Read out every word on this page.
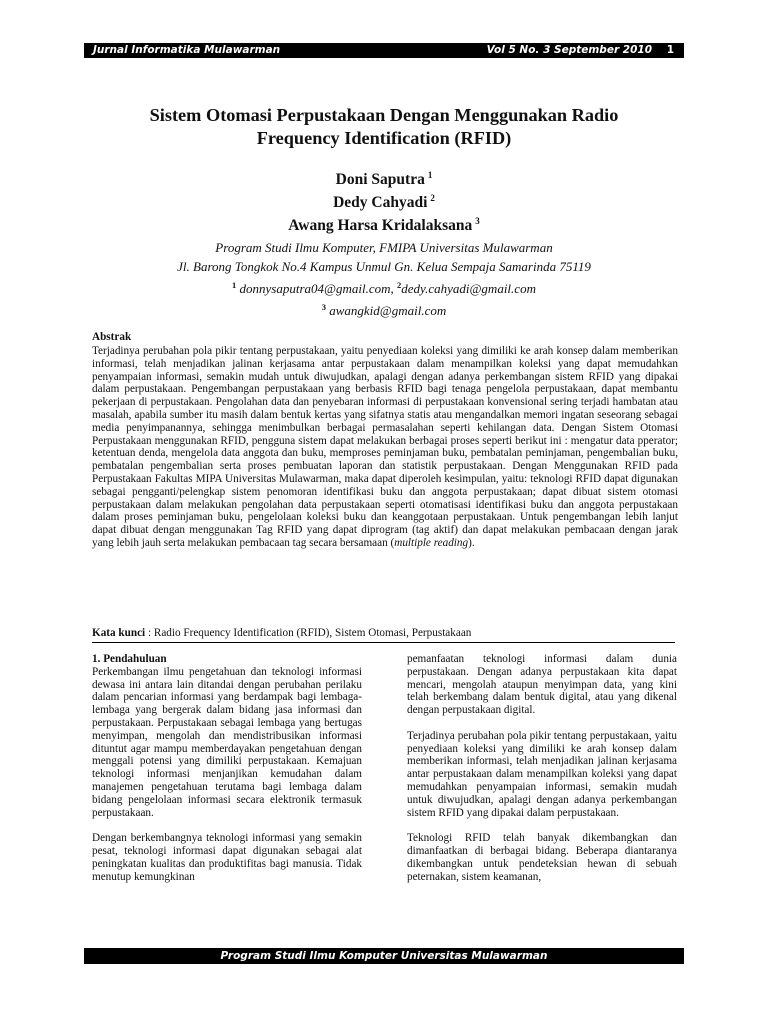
Jurnal Informatika Mulawarman	Vol 5 No. 3 September 2010 1
Sistem Otomasi Perpustakaan Dengan Menggunakan Radio
Frequency Identification (RFID)
Doni Saputra $^1$
Dedy Cahyadi $^2$
Awang Harsa Kridalaksana $^3$
Program Studi Ilmu Komputer, FMIPA Universitas Mulawarman
Jl. Barong Tongkok No.4 Kampus Unmul Gn. Kelua Sempaja Samarinda 75119
$^1$ donnysaputra04@gmail.com, $^2$dedy.cahyadi@gmail.com
$^3$ awangkid@gmail.com
Abstrak

Terjadinya perubahan pola pikir tentang perpustakaan, yaitu penyediaan koleksi yang dimiliki ke arah konsep dalam memberikan informasi, telah menjadikan jalinan kerjasama antar perpustakaan dalam menampilkan koleksi yang dapat memudahkan penyampaian informasi, semakin mudah untuk diwujudkan, apalagi dengan adanya perkembangan sistem RFID yang dipakai dalam perpustakaan. Pengembangan perpustakaan yang berbasis RFID bagi tenaga pengelola perpustakaan, dapat membantu pekerjaan di perpustakaan. Pengolahan data dan penyebaran informasi di perpustakaan konvensional sering terjadi hambatan atau masalah, apabila sumber itu masih dalam bentuk kertas yang sifatnya statis atau mengandalkan memori ingatan seseorang sebagai media penyimpanannya, sehingga menimbulkan berbagai permasalahan seperti kehilangan data. Dengan Sistem Otomasi Perpustakaan menggunakan RFID, pengguna sistem dapat melakukan berbagai proses seperti berikut ini : mengatur data pperator; ketentuan denda, mengelola data anggota dan buku, memproses peminjaman buku, pembatalan peminjaman, pengembalian buku, pembatalan pengembalian serta proses pembuatan laporan dan statistik perpustakaan. Dengan Menggunakan RFID pada Perpustakaan Fakultas MIPA Universitas Mulawarman, maka dapat diperoleh kesimpulan, yaitu: teknologi RFID dapat digunakan sebagai pengganti/pelengkap sistem penomoran identifikasi buku dan anggota perpustakaan; dapat dibuat sistem otomasi perpustakaan dalam melakukan pengolahan data perpustakaan seperti otomatisasi identifikasi buku dan anggota perpustakaan dalam proses peminjaman buku, pengelolaan koleksi buku dan keanggotaan perpustakaan. Untuk pengembangan lebih lanjut dapat dibuat dengan menggunakan Tag RFID yang dapat diprogram (tag aktif) dan dapat melakukan pembacaan dengan jarak yang lebih jauh serta melakukan pembacaan tag secara bersamaan (multiple reading).

Kata kunci : Radio Frequency Identification (RFID), Sistem Otomasi, Perpustakaan
1. Pendahuluan

Perkembangan ilmu pengetahuan dan teknologi informasi dewasa ini antara lain ditandai dengan perubahan perilaku dalam pencarian informasi yang berdampak bagi lembaga-lembaga yang bergerak dalam bidang jasa informasi dan perpustakaan. Perpustakaan sebagai lembaga yang bertugas menyimpan, mengolah dan mendistribusikan informasi dituntut agar mampu memberdayakan pengetahuan dengan menggali potensi yang dimiliki perpustakaan. Kemajuan teknologi informasi menjanjikan kemudahan dalam manajemen pengetahuan terutama bagi lembaga dalam bidang pengelolaan informasi secara elektronik termasuk perpustakaan.

Dengan berkembangnya teknologi informasi yang semakin pesat, teknologi informasi dapat digunakan sebagai alat peningkatan kualitas dan produktifitas bagi manusia. Tidak menutup kemungkinan

pemanfaatan teknologi informasi dalam dunia perpustakaan. Dengan adanya perpustakaan kita dapat mencari, mengolah ataupun menyimpan data, yang kini telah berkembang dalam bentuk digital, atau yang dikenal dengan perpustakaan digital.

Terjadinya perubahan pola pikir tentang perpustakaan, yaitu penyediaan koleksi yang dimiliki ke arah konsep dalam memberikan informasi, telah menjadikan jalinan kerjasama antar perpustakaan dalam menampilkan koleksi yang dapat memudahkan penyampaian informasi, semakin mudah untuk diwujudkan, apalagi dengan adanya perkembangan sistem RFID yang dipakai dalam perpustakaan.

Teknologi RFID telah banyak dikembangkan dan dimanfaatkan di berbagai bidang. Beberapa diantaranya dikembangkan untuk pendeteksian hewan di sebuah peternakan, sistem keamanan,

Program Studi Ilmu Komputer Universitas Mulawarman
